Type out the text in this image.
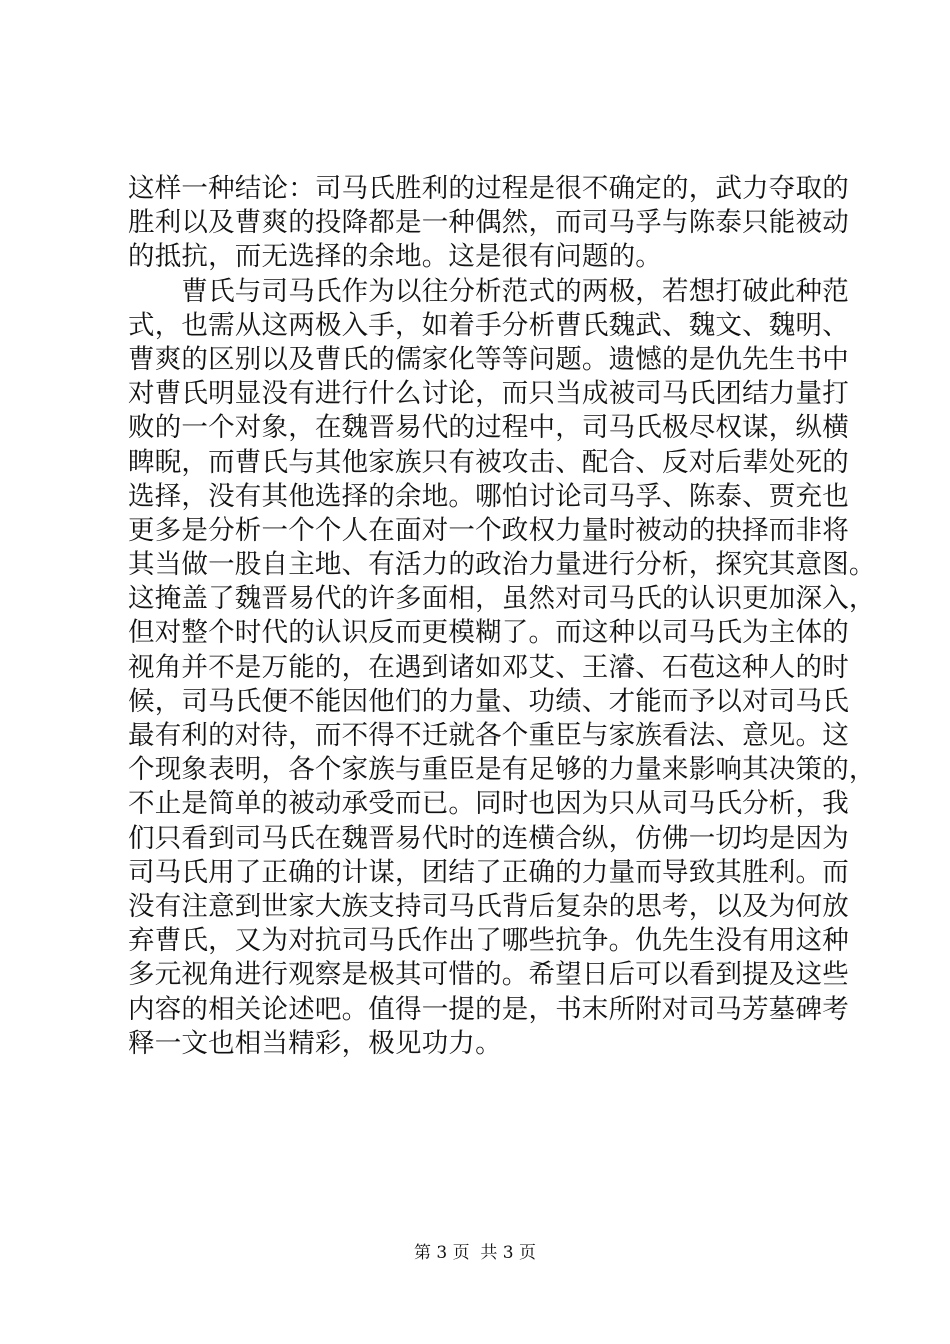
这样一种结论：司马氏胜利的过程是很不确定的，武力夺取的
胜利以及曹爽的投降都是一种偶然，而司马孚与陈泰只能被动
的抵抗，而无选择的余地。这是很有问题的。
　　曹氏与司马氏作为以往分析范式的两极，若想打破此种范
式，也需从这两极入手，如着手分析曹氏魏武、魏文、魏明、
曹爽的区别以及曹氏的儒家化等等问题。遗憾的是仇先生书中
对曹氏明显没有进行什么讨论，而只当成被司马氏团结力量打
败的一个对象，在魏晋易代的过程中，司马氏极尽权谋，纵横
睥睨，而曹氏与其他家族只有被攻击、配合、反对后辈处死的
选择，没有其他选择的余地。哪怕讨论司马孚、陈泰、贾充也
更多是分析一个个人在面对一个政权力量时被动的抉择而非将
其当做一股自主地、有活力的政治力量进行分析，探究其意图。
这掩盖了魏晋易代的许多面相，虽然对司马氏的认识更加深入，
但对整个时代的认识反而更模糊了。而这种以司马氏为主体的
视角并不是万能的，在遇到诸如邓艾、王濬、石苞这种人的时
候，司马氏便不能因他们的力量、功绩、才能而予以对司马氏
最有利的对待，而不得不迁就各个重臣与家族看法、意见。这
个现象表明，各个家族与重臣是有足够的力量来影响其决策的，
不止是简单的被动承受而已。同时也因为只从司马氏分析，我
们只看到司马氏在魏晋易代时的连横合纵，仿佛一切均是因为
司马氏用了正确的计谋，团结了正确的力量而导致其胜利。而
没有注意到世家大族支持司马氏背后复杂的思考，以及为何放
弃曹氏，又为对抗司马氏作出了哪些抗争。仇先生没有用这种
多元视角进行观察是极其可惜的。希望日后可以看到提及这些
内容的相关论述吧。值得一提的是，书末所附对司马芳墓碑考
释一文也相当精彩，极见功力。
第 3 页  共 3 页
